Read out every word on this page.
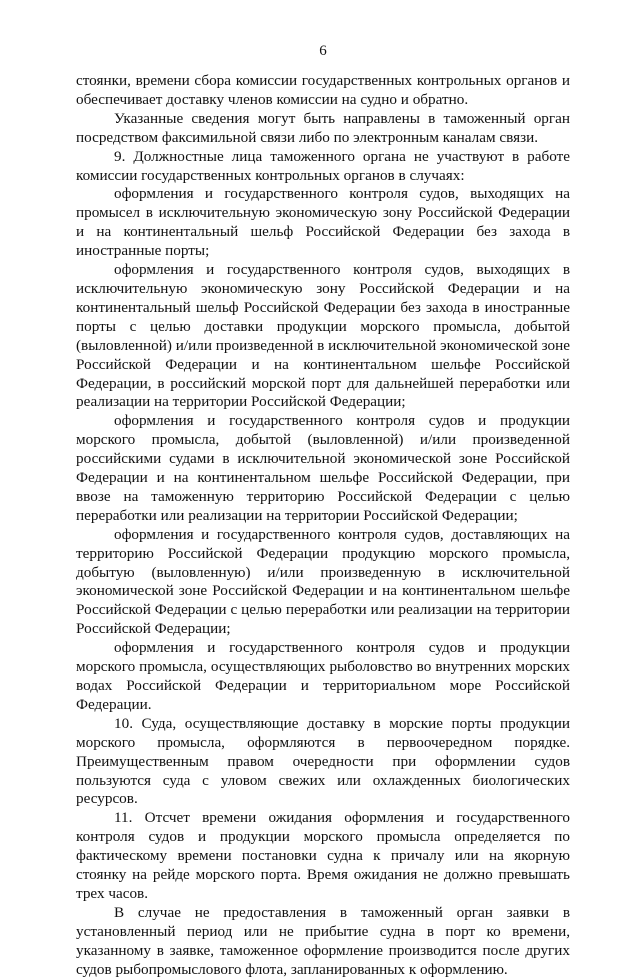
6

стоянки, времени сбора комиссии государственных контрольных органов и обеспечивает доставку членов комиссии на судно и обратно.

Указанные сведения могут быть направлены в таможенный орган посредством факсимильной связи либо по электронным каналам связи.

9. Должностные лица таможенного органа не участвуют в работе комиссии государственных контрольных органов в случаях:

оформления и государственного контроля судов, выходящих на промысел в исключительную экономическую зону Российской Федерации и на континентальный шельф Российской Федерации без захода в иностранные порты;

оформления и государственного контроля судов, выходящих в исключительную экономическую зону Российской Федерации и на континентальный шельф Российской Федерации без захода в иностранные порты с целью доставки продукции морского промысла, добытой (выловленной) и/или произведенной в исключительной экономической зоне Российской Федерации и на континентальном шельфе Российской Федерации, в российский морской порт для дальнейшей переработки или реализации на территории Российской Федерации;

оформления и государственного контроля судов и продукции морского промысла, добытой (выловленной) и/или произведенной российскими судами в исключительной экономической зоне Российской Федерации и на континентальном шельфе Российской Федерации, при ввозе на таможенную территорию Российской Федерации с целью переработки или реализации на территории Российской Федерации;

оформления и государственного контроля судов, доставляющих на территорию Российской Федерации продукцию морского промысла, добытую (выловленную) и/или произведенную в исключительной экономической зоне Российской Федерации и на континентальном шельфе Российской Федерации с целью переработки или реализации на территории Российской Федерации;

оформления и государственного контроля судов и продукции морского промысла, осуществляющих рыболовство во внутренних морских водах Российской Федерации и территориальном море Российской Федерации.

10. Суда, осуществляющие доставку в морские порты продукции морского промысла, оформляются в первоочередном порядке. Преимущественным правом очередности при оформлении судов пользуются суда с уловом свежих или охлажденных биологических ресурсов.

11. Отсчет времени ожидания оформления и государственного контроля судов и продукции морского промысла определяется по фактическому времени постановки судна к причалу или на якорную стоянку на рейде морского порта. Время ожидания не должно превышать трех часов.

В случае не предоставления в таможенный орган заявки в установленный период или не прибытие судна в порт ко времени, указанному в заявке, таможенное оформление производится после других судов рыбопромыслового флота, запланированных к оформлению.
